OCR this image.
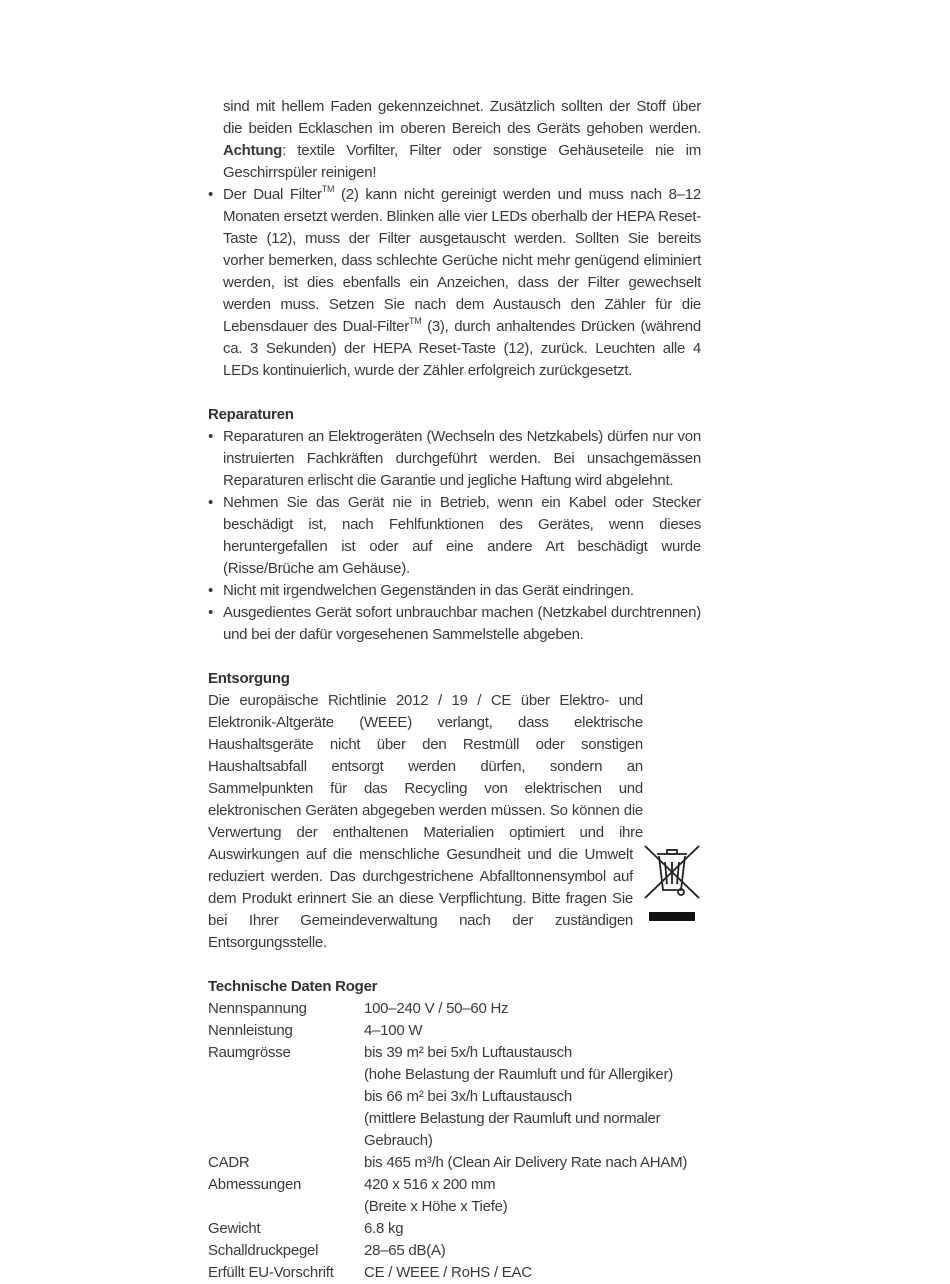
sind mit hellem Faden gekennzeichnet. Zusätzlich sollten der Stoff über die beiden Ecklaschen im oberen Bereich des Geräts gehoben werden. Achtung: textile Vorfilter, Filter oder sonstige Gehäuseteile nie im Geschirrspüler reinigen!

• Der Dual Filter™ (2) kann nicht gereinigt werden und muss nach 8–12 Monaten ersetzt werden. Blinken alle vier LEDs oberhalb der HEPA Reset-Taste (12), muss der Filter ausgetauscht werden. Sollten Sie bereits vorher bemerken, dass schlechte Gerüche nicht mehr genügend eliminiert werden, ist dies ebenfalls ein Anzeichen, dass der Filter gewechselt werden muss. Setzen Sie nach dem Austausch den Zähler für die Lebensdauer des Dual-Filter™ (3), durch anhaltendes Drücken (während ca. 3 Sekunden) der HEPA Reset-Taste (12), zurück. Leuchten alle 4 LEDs kontinuierlich, wurde der Zähler erfolgreich zurückgesetzt.
Reparaturen
• Reparaturen an Elektrogeräten (Wechseln des Netzkabels) dürfen nur von instruierten Fachkräften durchgeführt werden. Bei unsachgemässen Reparaturen erlischt die Garantie und jegliche Haftung wird abgelehnt.
• Nehmen Sie das Gerät nie in Betrieb, wenn ein Kabel oder Stecker beschädigt ist, nach Fehlfunktionen des Gerätes, wenn dieses heruntergefallen ist oder auf eine andere Art beschädigt wurde (Risse/Brüche am Gehäuse).
• Nicht mit irgendwelchen Gegenständen in das Gerät eindringen.
• Ausgedientes Gerät sofort unbrauchbar machen (Netzkabel durchtrennen) und bei der dafür vorgesehenen Sammelstelle abgeben.
Entsorgung

Die europäische Richtlinie 2012 / 19 / CE über Elektro- und Elektronik-Altgeräte (WEEE) verlangt, dass elektrische Haushaltsgeräte nicht über den Restmüll oder sonstigen Haushaltsabfall entsorgt werden dürfen, sondern an Sammelpunkten für das Recycling von elektrischen und elektronischen Geräten abgegeben werden müssen. So können die Verwertung der enthaltenen Materialien optimiert und ihre Auswirkungen auf die menschliche Gesundheit und die Umwelt reduziert werden. Das durchgestrichene Abfalltonnensymbol auf dem Produkt erinnert Sie an diese Verpflichtung. Bitte fragen Sie bei Ihrer Gemeindeverwaltung nach der zuständigen Entsorgungsstelle.

Technische Daten Roger
Nennspannung	100–240 V / 50–60 Hz
Nennleistung	4–100 W
Raumgrösse	bis 39 m² bei 5x/h Luftaustausch
	(hohe Belastung der Raumluft und für Allergiker)
	bis 66 m² bei 3x/h Luftaustausch
	(mittlere Belastung der Raumluft und normaler Gebrauch)
CADR	bis 465 m³/h (Clean Air Delivery Rate nach AHAM)
Abmessungen	420 x 516 x 200 mm
	(Breite x Höhe x Tiefe)
Gewicht	6.8 kg
Schalldruckpegel	28–65 dB(A)
Erfüllt EU-Vorschrift	CE / WEEE / RoHS / EAC
